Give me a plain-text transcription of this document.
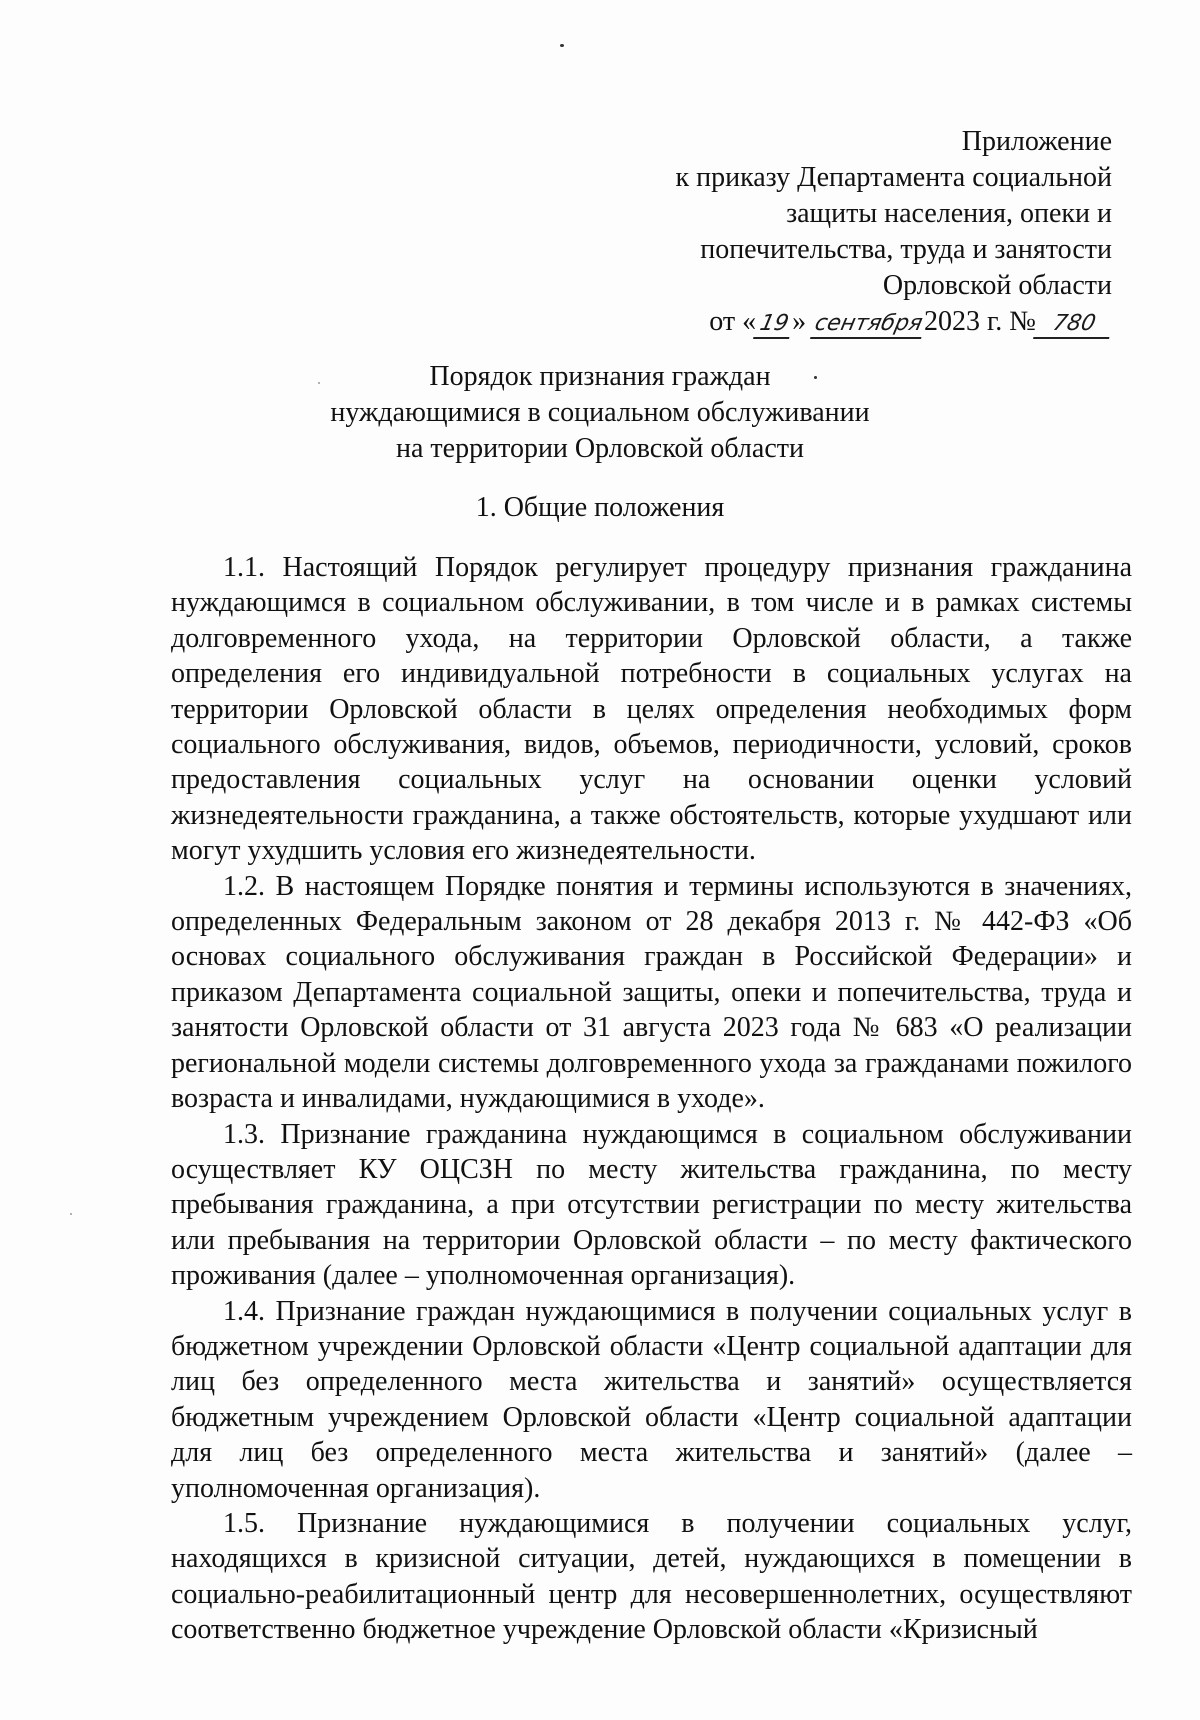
Приложение
к приказу Департамента социальной
защиты населения, опеки и
попечительства, труда и занятости
Орловской области
от «19» сентября2023 г. № 780
Порядок признания граждан
нуждающимися в социальном обслуживании
на территории Орловской области
1. Общие положения

1.1. Настоящий Порядок регулирует процедуру признания гражданина нуждающимся в социальном обслуживании, в том числе и в рамках системы долговременного ухода, на территории Орловской области, а также определения его индивидуальной потребности в социальных услугах на территории Орловской области в целях определения необходимых форм социального обслуживания, видов, объемов, периодичности, условий, сроков предоставления социальных услуг на основании оценки условий жизнедеятельности гражданина, а также обстоятельств, которые ухудшают или могут ухудшить условия его жизнедеятельности.

1.2. В настоящем Порядке понятия и термины используются в значениях, определенных Федеральным законом от 28 декабря 2013 г. № 442-ФЗ «Об основах социального обслуживания граждан в Российской Федерации» и приказом Департамента социальной защиты, опеки и попечительства, труда и занятости Орловской области от 31 августа 2023 года № 683 «О реализации региональной модели системы долговременного ухода за гражданами пожилого возраста и инвалидами, нуждающимися в уходе».

1.3. Признание гражданина нуждающимся в социальном обслуживании осуществляет КУ ОЦСЗН по месту жительства гражданина, по месту пребывания гражданина, а при отсутствии регистрации по месту жительства или пребывания на территории Орловской области – по месту фактического проживания (далее – уполномоченная организация).

1.4. Признание граждан нуждающимися в получении социальных услуг в бюджетном учреждении Орловской области «Центр социальной адаптации для лиц без определенного места жительства и занятий» осуществляется бюджетным учреждением Орловской области «Центр социальной адаптации для лиц без определенного места жительства и занятий» (далее – уполномоченная организация).

1.5. Признание нуждающимися в получении социальных услуг, находящихся в кризисной ситуации, детей, нуждающихся в помещении в социально-реабилитационный центр для несовершеннолетних, осуществляют соответственно бюджетное учреждение Орловской области «Кризисный
